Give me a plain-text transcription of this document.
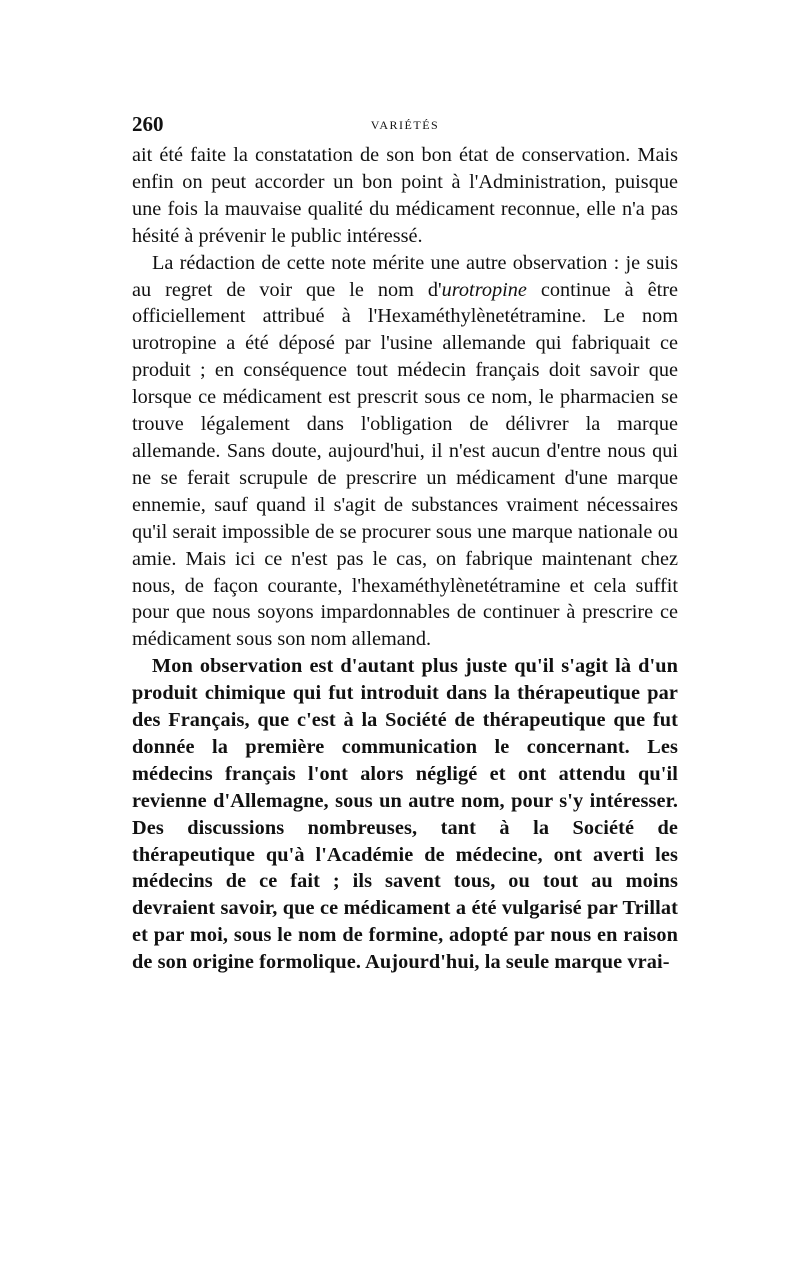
260	VARIÉTÉS

ait été faite la constatation de son bon état de conservation. Mais enfin on peut accorder un bon point à l'Administration, puisque une fois la mauvaise qualité du médicament reconnue, elle n'a pas hésité à prévenir le public intéressé.

La rédaction de cette note mérite une autre observation : je suis au regret de voir que le nom d'urotropine continue à être officiellement attribué à l'Hexaméthylènetétramine. Le nom urotropine a été déposé par l'usine allemande qui fabriquait ce produit ; en conséquence tout médecin français doit savoir que lorsque ce médicament est prescrit sous ce nom, le pharmacien se trouve légalement dans l'obligation de délivrer la marque allemande. Sans doute, aujourd'hui, il n'est aucun d'entre nous qui ne se ferait scrupule de prescrire un médicament d'une marque ennemie, sauf quand il s'agit de substances vraiment nécessaires qu'il serait impossible de se procurer sous une marque nationale ou amie. Mais ici ce n'est pas le cas, on fabrique maintenant chez nous, de façon courante, l'hexaméthylènetétramine et cela suffit pour que nous soyons impardonnables de continuer à prescrire ce médicament sous son nom allemand.

Mon observation est d'autant plus juste qu'il s'agit là d'un produit chimique qui fut introduit dans la thérapeutique par des Français, que c'est à la Société de thérapeutique que fut donnée la première communication le concernant. Les médecins français l'ont alors négligé et ont attendu qu'il revienne d'Allemagne, sous un autre nom, pour s'y intéresser. Des discussions nombreuses, tant à la Société de thérapeutique qu'à l'Académie de médecine, ont averti les médecins de ce fait ; ils savent tous, ou tout au moins devraient savoir, que ce médicament a été vulgarisé par Trillat et par moi, sous le nom de formine, adopté par nous en raison de son origine formolique. Aujourd'hui, la seule marque vrai-
